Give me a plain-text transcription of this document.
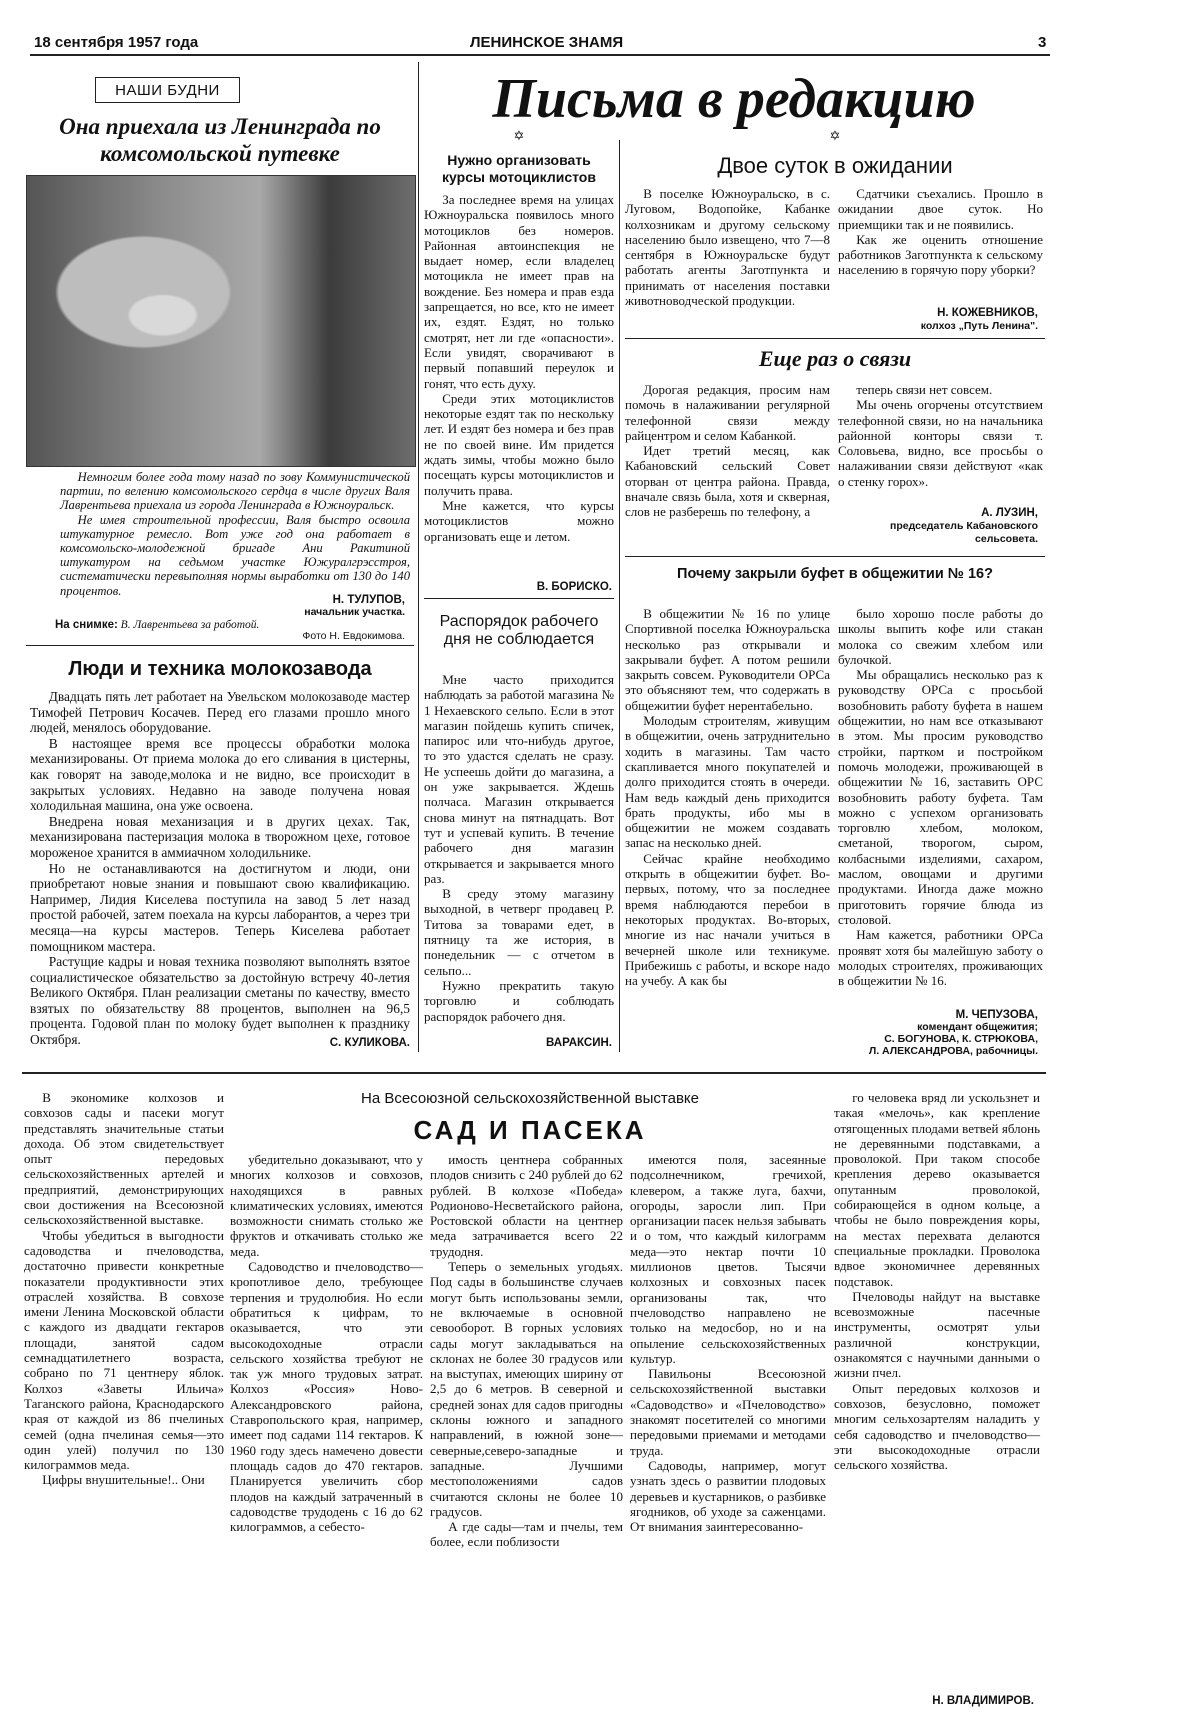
18 сентября 1957 года	ЛЕНИНСКОЕ ЗНАМЯ	3
НАШИ БУДНИ
Она приехала из Ленинграда по комсомольской путевке

Немногим более года тому назад по зову Коммунистической партии, по велению комсомольского сердца в числе других Валя Лаврентьева приехала из города Ленинграда в Южноуральск.

Не имея строительной профессии, Валя быстро освоила штукатурное ремесло. Вот уже год она работает в комсомольско-молодежной бригаде Ани Ракитиной штукатуром на седьмом участке Южуралгрэсстроя, систематически перевыполняя нормы выработки от 130 до 140 процентов.

Н. ТУЛУПОВ,
начальник участка.
На снимке: В. Лаврентьева за работой.
Фото Н. Евдокимова.
Люди и техника молокозавода

Двадцать пять лет работает на Увельском молокозаводе мастер Тимофей Петрович Косачев. Перед его глазами прошло много людей, менялось оборудование.

В настоящее время все процессы обработки молока механизированы. От приема молока до его сливания в цистерны, как говорят на заводе,молока и не видно, все происходит в закрытых условиях. Недавно на заводе получена новая холодильная машина, она уже освоена.

Внедрена новая механизация и в других цехах. Так, механизирована пастеризация молока в творожном цехе, готовое мороженое хранится в аммиачном холодильнике.

Но не останавливаются на достигнутом и люди, они приобретают новые знания и повышают свою квалификацию. Например, Лидия Киселева поступила на завод 5 лет назад простой рабочей, затем поехала на курсы лаборантов, а через три месяца—на курсы мастеров. Теперь Киселева работает помощником мастера.

Растущие кадры и новая техника позволяют выполнять взятое социалистическое обязательство за достойную встречу 40-летия Великого Октября. План реализации сметаны по качеству, вместо взятых по обязательству 88 процентов, выполнен на 96,5 процента. Годовой план по молоку будет выполнен к празднику Октября.	С. КУЛИКОВА.
Письма в редакцию
✡
Нужно организовать курсы мотоциклистов

За последнее время на улицах Южноуральска появилось много мотоциклов без номеров. Районная автоинспекция не выдает номер, если владелец мотоцикла не имеет прав на вождение. Без номера и прав езда запрещается, но все, кто не имеет их, ездят. Ездят, но только смотрят, нет ли где «опасности». Если увидят, сворачивают в первый попавший переулок и гонят, что есть духу.

Среди этих мотоциклистов некоторые ездят так по нескольку лет. И ездят без номера и без прав не по своей вине. Им придется ждать зимы, чтобы можно было посещать курсы мотоциклистов и получить права.

Мне кажется, что курсы мотоциклистов можно организовать еще и летом.

В. БОРИСКО.
Распорядок рабочего дня не соблюдается

Мне часто приходится наблюдать за работой магазина № 1 Нехаевского сельпо. Если в этот магазин пойдешь купить спичек, папирос или что-нибудь другое, то это удастся сделать не сразу. Не успеешь дойти до магазина, а он уже закрывается. Ждешь полчаса. Магазин открывается снова минут на пятнадцать. Вот тут и успевай купить. В течение рабочего дня магазин открывается и закрывается много раз.

В среду этому магазину выходной, в четверг продавец Р. Титова за товарами едет, в пятницу та же история, в понедельник — с отчетом в сельпо...

Нужно прекратить такую торговлю и соблюдать распорядок рабочего дня.

ВАРАКСИН.
✡
Двое суток в ожидании

В поселке Южноуральско, в с. Луговом, Водопойке, Кабанке колхозникам и другому сельскому населению было извещено, что 7—8 сентября в Южноуральске будут работать агенты Заготпункта и принимать от населения поставки животноводческой продукции.

Сдатчики съехались. Прошло в ожидании двое суток. Но приемщики так и не появились.

Как же оценить отношение работников Заготпункта к сельскому населению в горячую пору уборки?

Н. КОЖЕВНИКОВ,
колхоз „Путь Ленина".
Еще раз о связи

Дорогая редакция, просим нам помочь в налаживании регулярной телефонной связи между райцентром и селом Кабанкой.

Идет третий месяц, как Кабановский сельский Совет оторван от центра района. Правда, вначале связь была, хотя и скверная, слов не разберешь по телефону, а

теперь связи нет совсем.

Мы очень огорчены отсутствием телефонной связи, но на начальника районной конторы связи т. Соловьева, видно, все просьбы о налаживании связи действуют «как о стенку горох».

А. ЛУЗИН,
председатель Кабановского сельсовета.
Почему закрыли буфет в общежитии № 16?

В общежитии № 16 по улице Спортивной поселка Южноуральска несколько раз открывали и закрывали буфет. А потом решили закрыть совсем. Руководители ОРСа это объясняют тем, что содержать в общежитии буфет нерентабельно.

Молодым строителям, живущим в общежитии, очень затруднительно ходить в магазины. Там часто скапливается много покупателей и долго приходится стоять в очереди. Нам ведь каждый день приходится брать продукты, ибо мы в общежитии не можем создавать запас на несколько дней.

Сейчас крайне необходимо открыть в общежитии буфет. Во-первых, потому, что за последнее время наблюдаются перебои в некоторых продуктах. Во-вторых, многие из нас начали учиться в вечерней школе или техникуме. Прибежишь с работы, и вскоре надо на учебу. А как бы

было хорошо после работы до школы выпить кофе или стакан молока со свежим хлебом или булочкой.

Мы обращались несколько раз к руководству ОРСа с просьбой возобновить работу буфета в нашем общежитии, но нам все отказывают в этом. Мы просим руководство стройки, партком и постройком помочь молодежи, проживающей в общежитии № 16, заставить ОРС возобновить работу буфета. Там можно с успехом организовать торговлю хлебом, молоком, сметаной, творогом, сыром, колбасными изделиями, сахаром, маслом, овощами и другими продуктами. Иногда даже можно приготовить горячие блюда из столовой.

Нам кажется, работники ОРСа проявят хотя бы малейшую заботу о молодых строителях, проживающих в общежитии № 16.

М. ЧЕПУЗОВА,
комендант общежития;
С. БОГУНОВА, К. СТРЮКОВА,
Л. АЛЕКСАНДРОВА, рабочницы.
На Всесоюзной сельскохозяйственной выставке
САД И ПАСЕКА

В экономике колхозов и совхозов сады и пасеки могут представлять значительные статьи дохода. Об этом свидетельствует опыт передовых сельскохозяйственных артелей и предприятий, демонстрирующих свои достижения на Всесоюзной сельскохозяйственной выставке.

Чтобы убедиться в выгодности садоводства и пчеловодства, достаточно привести конкретные показатели продуктивности этих отраслей хозяйства. В совхозе имени Ленина Московской области с каждого из двадцати гектаров площади, занятой садом семнадцатилетнего возраста, собрано по 71 центнеру яблок. Колхоз «Заветы Ильича» Таганского района, Краснодарского края от каждой из 86 пчелиных семей (одна пчелиная семья—это один улей) получил по 130 килограммов меда.

Цифры внушительные!.. Они

убедительно доказывают, что у многих колхозов и совхозов, находящихся в равных климатических условиях, имеются возможности снимать столько же фруктов и откачивать столько же меда.

Садоводство и пчеловодство—кропотливое дело, требующее терпения и трудолюбия. Но если обратиться к цифрам, то оказывается, что эти высокодоходные отрасли сельского хозяйства требуют не так уж много трудовых затрат. Колхоз «Россия» Ново-Александровского района, Ставропольского края, например, имеет под садами 114 гектаров. К 1960 году здесь намечено довести площадь садов до 470 гектаров. Планируется увеличить сбор плодов на каждый затраченный в садоводстве трудодень с 16 до 62 килограммов, а себесто-

имость центнера собранных плодов снизить с 240 рублей до 62 рублей. В колхозе «Победа» Родионово-Несветайского района, Ростовской области на центнер меда затрачивается всего 22 трудодня.

Теперь о земельных угодьях. Под сады в большинстве случаев могут быть использованы земли, не включаемые в основной севооборот. В горных условиях сады могут закладываться на склонах не более 30 градусов или на выступах, имеющих ширину от 2,5 до 6 метров. В северной и средней зонах для садов пригодны склоны южного и западного направлений, в южной зоне—северные,северо-западные и западные. Лучшими местоположениями садов считаются склоны не более 10 градусов.

А где сады—там и пчелы, тем более, если поблизости

имеются поля, засеянные подсолнечником, гречихой, клевером, а также луга, бахчи, огороды, заросли лип. При организации пасек нельзя забывать и о том, что каждый килограмм меда—это нектар почти 10 миллионов цветов. Тысячи колхозных и совхозных пасек организованы так, что пчеловодство направлено не только на медосбор, но и на опыление сельскохозяйственных культур.

Павильоны Всесоюзной сельскохозяйственной выставки «Садоводство» и «Пчеловодство» знакомят посетителей со многими передовыми приемами и методами труда.

Садоводы, например, могут узнать здесь о развитии плодовых деревьев и кустарников, о разбивке ягодников, об уходе за саженцами. От внимания заинтересованно-

го человека вряд ли ускользнет и такая «мелочь», как крепление отягощенных плодами ветвей яблонь не деревянными подставками, а проволокой. При таком способе крепления дерево оказывается опутанным проволокой, собирающейся в одном кольце, а чтобы не было повреждения коры, на местах перехвата делаются специальные прокладки. Проволока вдвое экономичнее деревянных подставок.

Пчеловоды найдут на выставке всевозможные пасечные инструменты, осмотрят ульи различной конструкции, ознакомятся с научными данными о жизни пчел.

Опыт передовых колхозов и совхозов, безусловно, поможет многим сельхозартелям наладить у себя садоводство и пчеловодство—эти высокодоходные отрасли сельского хозяйства.

Н. ВЛАДИМИРОВ.
